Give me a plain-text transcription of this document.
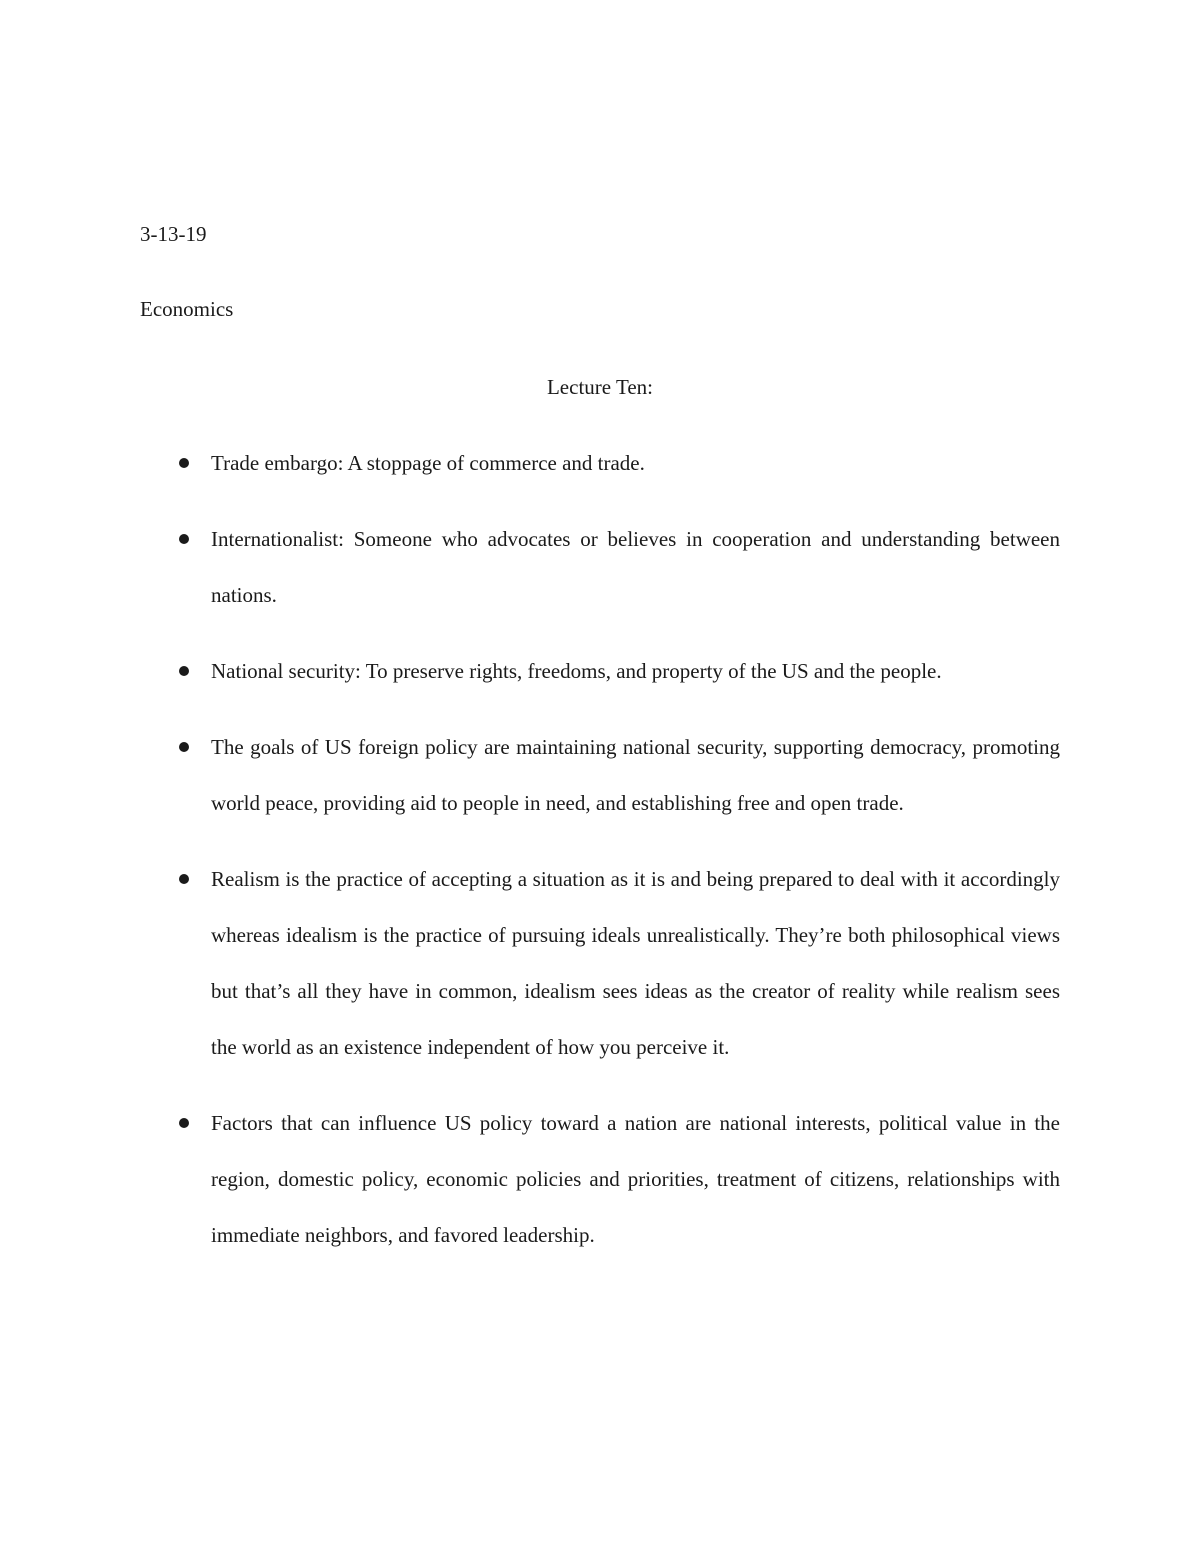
3-13-19
Economics
Lecture Ten:
Trade embargo: A stoppage of commerce and trade.
Internationalist: Someone who advocates or believes in cooperation and understanding between nations.
National security: To preserve rights, freedoms, and property of the US and the people.
The goals of US foreign policy are maintaining national security, supporting democracy, promoting world peace, providing aid to people in need, and establishing free and open trade.
Realism is the practice of accepting a situation as it is and being prepared to deal with it accordingly whereas idealism is the practice of pursuing ideals unrealistically. They’re both philosophical views but that’s all they have in common, idealism sees ideas as the creator of reality while realism sees the world as an existence independent of how you perceive it.
Factors that can influence US policy toward a nation are national interests, political value in the region, domestic policy, economic policies and priorities, treatment of citizens, relationships with immediate neighbors, and favored leadership.
